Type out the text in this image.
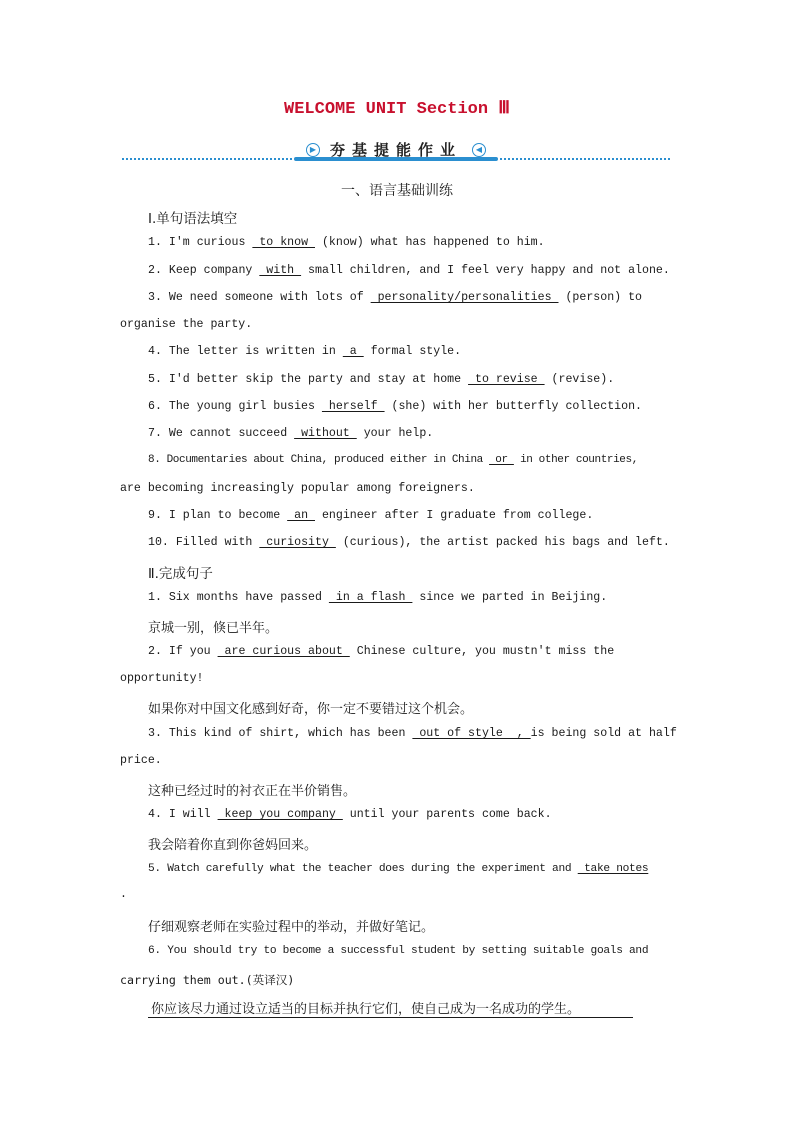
WELCOME UNIT Section Ⅲ
▶ 夯基提能作业	◀
一、语言基础训练
Ⅰ.单句语法填空
1. I'm curious  to know  (know) what has happened to him.
2. Keep company  with  small children, and I feel very happy and not alone.
3. We need someone with lots of  personality/personalities  (person) to
organise the party.
4. The letter is written in  a  formal style.
5. I'd better skip the party and stay at home  to revise  (revise).
6. The young girl busies  herself  (she) with her butterfly collection.
7. We cannot succeed  without  your help.
8. Documentaries about China, produced either in China  or  in other countries,
are becoming increasingly popular among foreigners.
9. I plan to become  an  engineer after I graduate from college.
10. Filled with  curiosity  (curious), the artist packed his bags and left.
Ⅱ.完成句子
1. Six months have passed  in a flash  since we parted in Beijing.
京城一别，倏已半年。
2. If you  are curious about  Chinese culture, you mustn't miss the
opportunity!
如果你对中国文化感到好奇，你一定不要错过这个机会。
3. This kind of shirt, which has been  out of style  , is being sold at half
price.
这种已经过时的衬衣正在半价销售。
4. I will  keep you company  until your parents come back.
我会陪着你直到你爸妈回来。
5. Watch carefully what the teacher does during the experiment and  take notes
.
仔细观察老师在实验过程中的举动，并做好笔记。
6. You should try to become a successful student by setting suitable goals and
carrying them out.(英译汉)
你应该尽力通过设立适当的目标并执行它们，使自己成为一名成功的学生。
